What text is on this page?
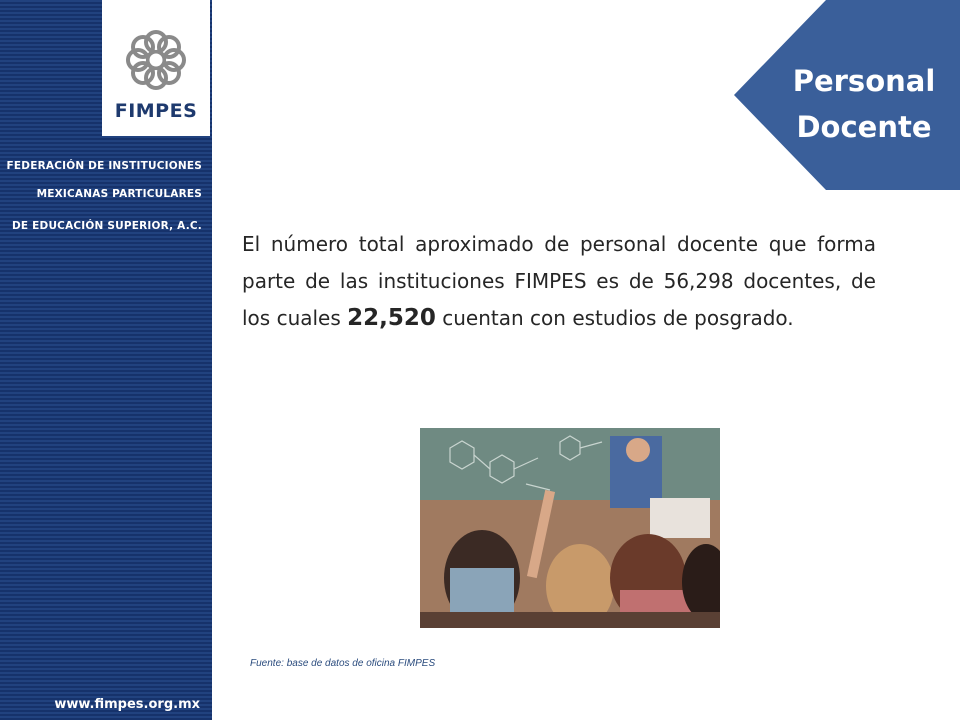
FIMPES
FEDERACIÓN DE INSTITUCIONES
MEXICANAS PARTICULARES
DE EDUCACIÓN SUPERIOR, A.C.
www.fimpes.org.mx
Personal
Docente
El número total aproximado de personal docente que forma parte de las instituciones FIMPES es de 56,298 docentes, de los cuales 22,520 cuentan con estudios de posgrado.
Fuente: base de datos de oficina FIMPES
